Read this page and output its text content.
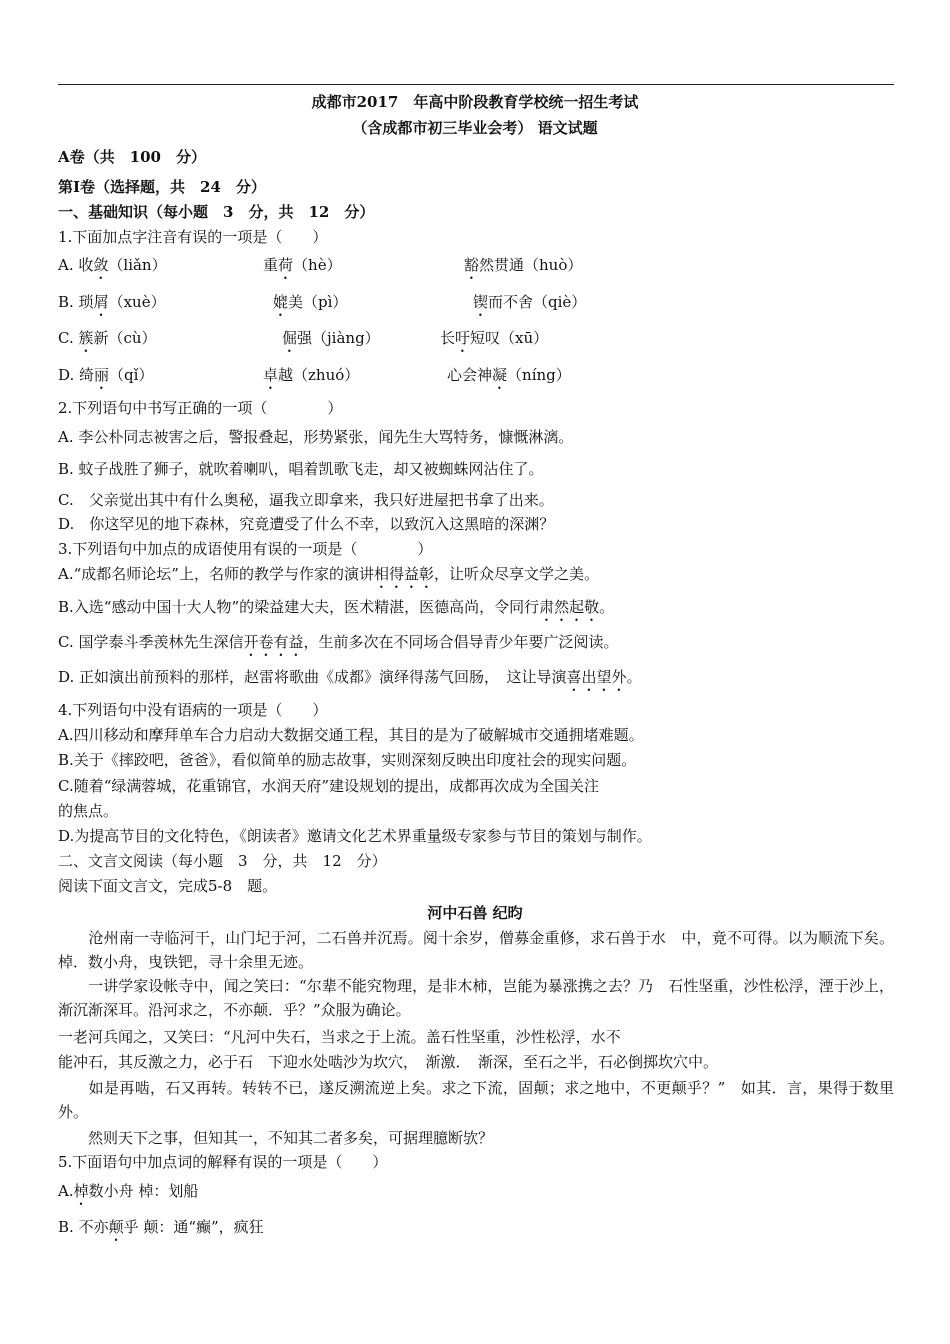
成都市2017　年高中阶段教育学校统一招生考试
（含成都市初三毕业会考） 语文试题
A卷（共　100　分）
第Ⅰ卷（选择题，共　24　分）
一、基础知识（每小题　3　分，共　12　分）
1.下面加点字注音有误的一项是（　　）
A. 收敛（liǎn）	重荷（hè）	豁然贯通（huò）
B. 琐屑（xuè）	媲美（pì）	锲而不舍（qiè）
C. 簇新（cù）	倔强（jiàng）	长吁短叹（xū）
D. 绮丽（qǐ）	卓越（zhuó）	心会神凝（níng）
2.下列语句中书写正确的一项（　　　　）
A. 李公朴同志被害之后，警报叠起，形势紧张，闻先生大骂特务，慷慨淋漓。
B. 蚊子战胜了狮子，就吹着喇叭，唱着凯歌飞走，却又被蜘蛛网沾住了。
C.　父亲觉出其中有什么奥秘，逼我立即拿来，我只好进屋把书拿了出来。
D.　你这罕见的地下森林，究竟遭受了什么不幸，以致沉入这黑暗的深渊？
3.下列语句中加点的成语使用有误的一项是（　　　　）
A.“成都名师论坛”上，名师的教学与作家的演讲相得益彰，让听众尽享文学之美。
B.入选“感动中国十大人物”的梁益建大夫，医术精湛，医德高尚，令同行肃然起敬。
C. 国学泰斗季羡林先生深信开卷有益，生前多次在不同场合倡导青少年要广泛阅读。
D. 正如演出前预料的那样，赵雷将歌曲《成都》演绎得荡气回肠，　这让导演喜出望外。
4.下列语句中没有语病的一项是（　　）
A.四川移动和摩拜单车合力启动大数据交通工程，其目的是为了破解城市交通拥堵难题。
B.关于《摔跤吧，爸爸》，看似简单的励志故事，实则深刻反映出印度社会的现实问题。
C.随着“绿满蓉城，花重锦官，水润天府”建设规划的提出，成都再次成为全国关注
的焦点。
D.为提高节目的文化特色，《朗读者》邀请文化艺术界重量级专家参与节目的策划与制作。
二、文言文阅读（每小题　3　分，共　12　分）
阅读下面文言文，完成5-8　题。
河中石兽 纪昀
　　沧州南一寺临河干，山门圮于河，二石兽并沉焉。阅十余岁，僧募金重修，求石兽于水　中，竟不可得。以为顺流下矣。棹．数小舟，曳铁钯，寻十余里无迹。
　　一讲学家设帐寺中，闻之笑曰：“尔辈不能究物理，是非木柿，岂能为暴涨携之去？乃　石性坚重，沙性松浮，湮于沙上，渐沉渐深耳。沿河求之，不亦颠．乎？”众服为确论。
一老河兵闻之，又笑曰：“凡河中失石，当求之于上流。盖石性坚重，沙性松浮，水不
能冲石，其反激之力，必于石　下迎水处啮沙为坎穴，　渐激．　渐深，至石之半，石必倒掷坎穴中。
　　如是再啮，石又再转。转转不已，遂反溯流逆上矣。求之下流，固颠；求之地中，不更颠乎？”　如其．言，果得于数里外。
　　然则天下之事，但知其一，不知其二者多矣，可据理臆断欤？
5.下面语句中加点词的解释有误的一项是（　　）
A.棹数小舟 棹：划船
B. 不亦颠乎 颠：通“癫”，疯狂
